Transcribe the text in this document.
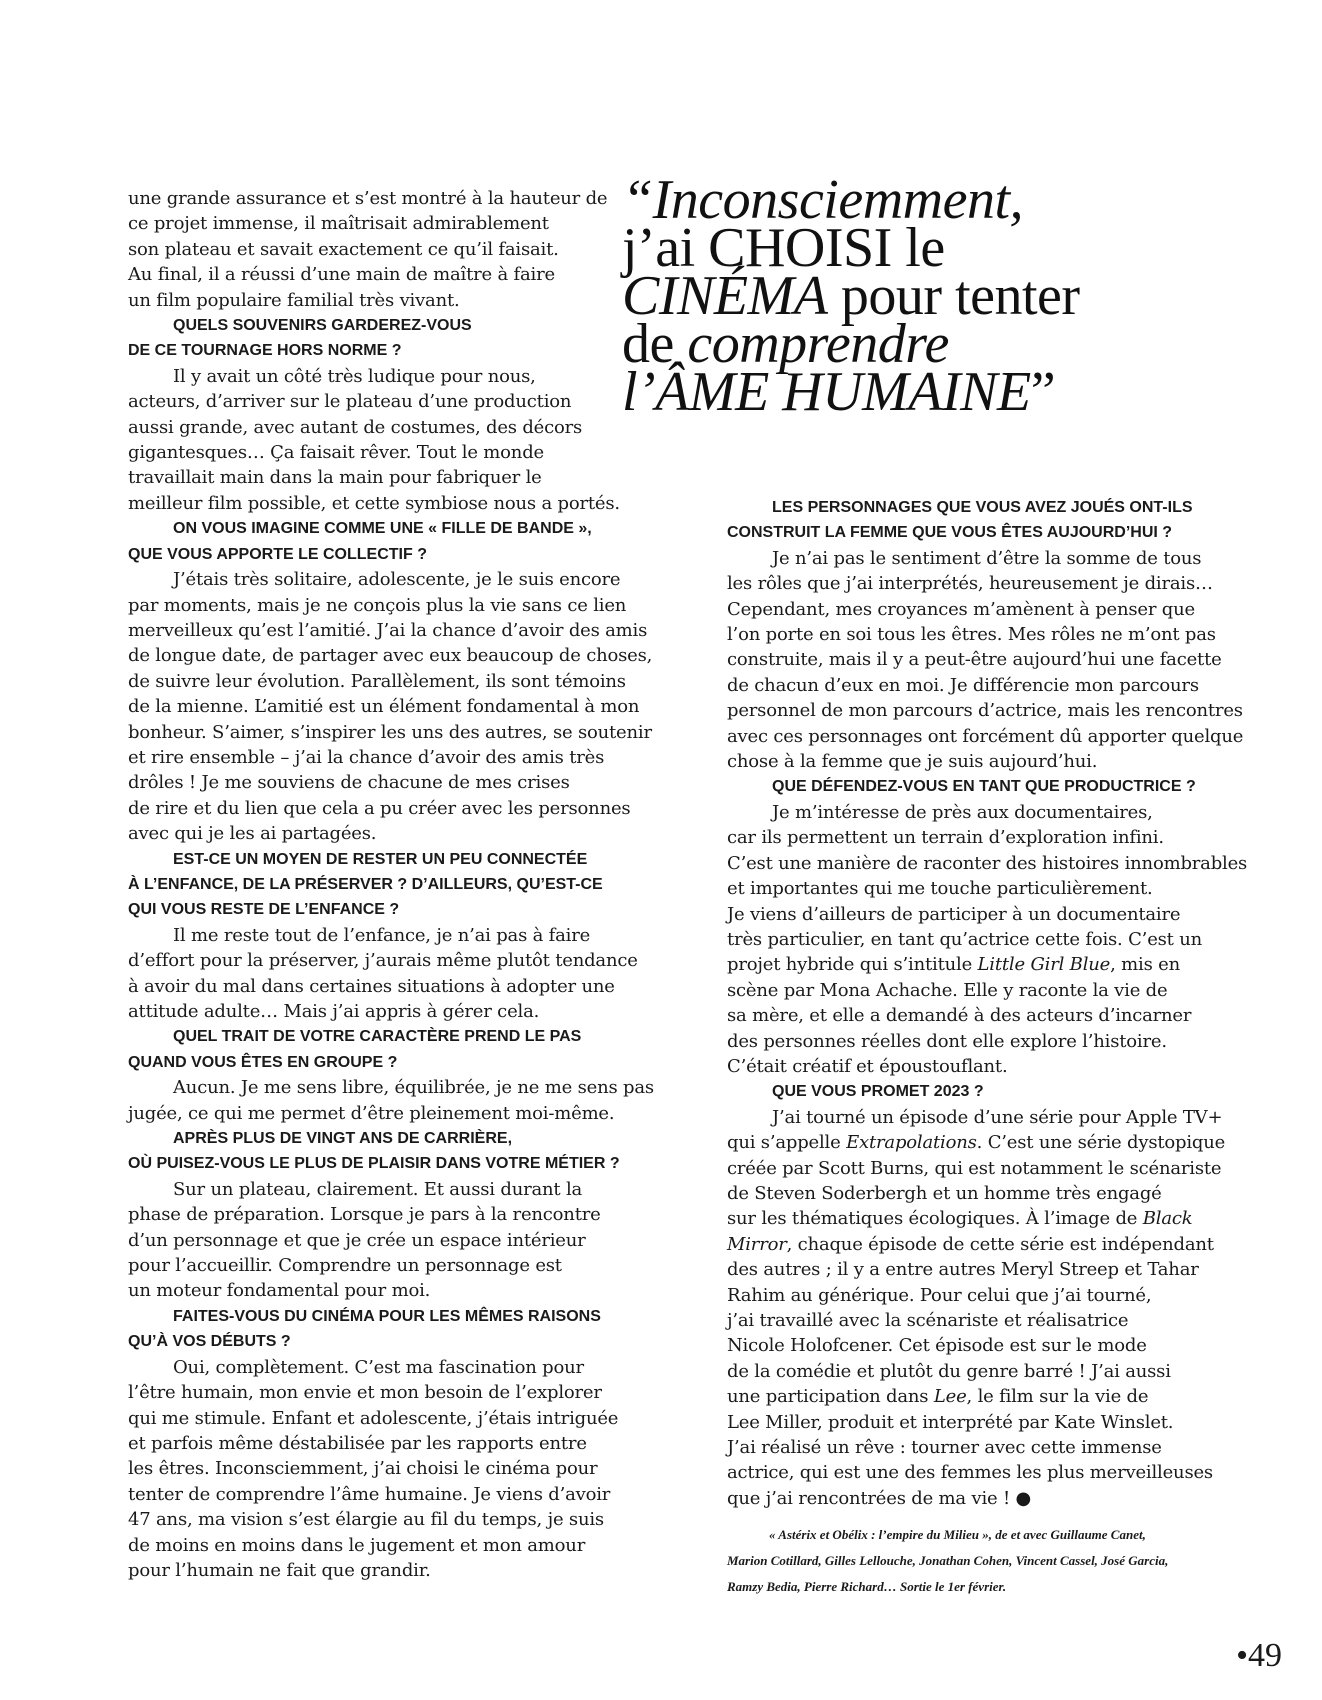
“Inconsciemment,
j’ai CHOISI le
CINÉMA pour tenter
de comprendre
l’ÂME HUMAINE”
une grande assurance et s’est montré à la hauteur de
ce projet immense, il maîtrisait admirablement
son plateau et savait exactement ce qu’il faisait.
Au final, il a réussi d’une main de maître à faire
un film populaire familial très vivant.
QUELS SOUVENIRS GARDEREZ-VOUS
DE CE TOURNAGE HORS NORME ?
Il y avait un côté très ludique pour nous,
acteurs, d’arriver sur le plateau d’une production
aussi grande, avec autant de costumes, des décors
gigantesques… Ça faisait rêver. Tout le monde
travaillait main dans la main pour fabriquer le
meilleur film possible, et cette symbiose nous a portés.
ON VOUS IMAGINE COMME UNE « FILLE DE BANDE »,
QUE VOUS APPORTE LE COLLECTIF ?
J’étais très solitaire, adolescente, je le suis encore
par moments, mais je ne conçois plus la vie sans ce lien
merveilleux qu’est l’amitié. J’ai la chance d’avoir des amis
de longue date, de partager avec eux beaucoup de choses,
de suivre leur évolution. Parallèlement, ils sont témoins
de la mienne. L’amitié est un élément fondamental à mon
bonheur. S’aimer, s’inspirer les uns des autres, se soutenir
et rire ensemble – j’ai la chance d’avoir des amis très
drôles ! Je me souviens de chacune de mes crises
de rire et du lien que cela a pu créer avec les personnes
avec qui je les ai partagées.
EST-CE UN MOYEN DE RESTER UN PEU CONNECTÉE
À L’ENFANCE, DE LA PRÉSERVER ? D’AILLEURS, QU’EST-CE
QUI VOUS RESTE DE L’ENFANCE ?
Il me reste tout de l’enfance, je n’ai pas à faire
d’effort pour la préserver, j’aurais même plutôt tendance
à avoir du mal dans certaines situations à adopter une
attitude adulte… Mais j’ai appris à gérer cela.
QUEL TRAIT DE VOTRE CARACTÈRE PREND LE PAS
QUAND VOUS ÊTES EN GROUPE ?
Aucun. Je me sens libre, équilibrée, je ne me sens pas
jugée, ce qui me permet d’être pleinement moi-même.
APRÈS PLUS DE VINGT ANS DE CARRIÈRE,
OÙ PUISEZ-VOUS LE PLUS DE PLAISIR DANS VOTRE MÉTIER ?
Sur un plateau, clairement. Et aussi durant la
phase de préparation. Lorsque je pars à la rencontre
d’un personnage et que je crée un espace intérieur
pour l’accueillir. Comprendre un personnage est
un moteur fondamental pour moi.
FAITES-VOUS DU CINÉMA POUR LES MÊMES RAISONS
QU’À VOS DÉBUTS ?
Oui, complètement. C’est ma fascination pour
l’être humain, mon envie et mon besoin de l’explorer
qui me stimule. Enfant et adolescente, j’étais intriguée
et parfois même déstabilisée par les rapports entre
les êtres. Inconsciemment, j’ai choisi le cinéma pour
tenter de comprendre l’âme humaine. Je viens d’avoir
47 ans, ma vision s’est élargie au fil du temps, je suis
de moins en moins dans le jugement et mon amour
pour l’humain ne fait que grandir.
LES PERSONNAGES QUE VOUS AVEZ JOUÉS ONT-ILS
CONSTRUIT LA FEMME QUE VOUS ÊTES AUJOURD’HUI ?
Je n’ai pas le sentiment d’être la somme de tous
les rôles que j’ai interprétés, heureusement je dirais…
Cependant, mes croyances m’amènent à penser que
l’on porte en soi tous les êtres. Mes rôles ne m’ont pas
construite, mais il y a peut-être aujourd’hui une facette
de chacun d’eux en moi. Je différencie mon parcours
personnel de mon parcours d’actrice, mais les rencontres
avec ces personnages ont forcément dû apporter quelque
chose à la femme que je suis aujourd’hui.
QUE DÉFENDEZ-VOUS EN TANT QUE PRODUCTRICE ?
Je m’intéresse de près aux documentaires,
car ils permettent un terrain d’exploration infini.
C’est une manière de raconter des histoires innombrables
et importantes qui me touche particulièrement.
Je viens d’ailleurs de participer à un documentaire
très particulier, en tant qu’actrice cette fois. C’est un
projet hybride qui s’intitule Little Girl Blue, mis en
scène par Mona Achache. Elle y raconte la vie de
sa mère, et elle a demandé à des acteurs d’incarner
des personnes réelles dont elle explore l’histoire.
C’était créatif et époustouflant.
QUE VOUS PROMET 2023 ?
J’ai tourné un épisode d’une série pour Apple TV+
qui s’appelle Extrapolations. C’est une série dystopique
créée par Scott Burns, qui est notamment le scénariste
de Steven Soderbergh et un homme très engagé
sur les thématiques écologiques. À l’image de Black
Mirror, chaque épisode de cette série est indépendant
des autres ; il y a entre autres Meryl Streep et Tahar
Rahim au générique. Pour celui que j’ai tourné,
j’ai travaillé avec la scénariste et réalisatrice
Nicole Holofcener. Cet épisode est sur le mode
de la comédie et plutôt du genre barré ! J’ai aussi
une participation dans Lee, le film sur la vie de
Lee Miller, produit et interprété par Kate Winslet.
J’ai réalisé un rêve : tourner avec cette immense
actrice, qui est une des femmes les plus merveilleuses
que j’ai rencontrées de ma vie ! ●
« Astérix et Obélix : l’empire du Milieu », de et avec Guillaume Canet,
Marion Cotillard, Gilles Lellouche, Jonathan Cohen, Vincent Cassel, José Garcia,
Ramzy Bedia, Pierre Richard… Sortie le 1er février.
•49
